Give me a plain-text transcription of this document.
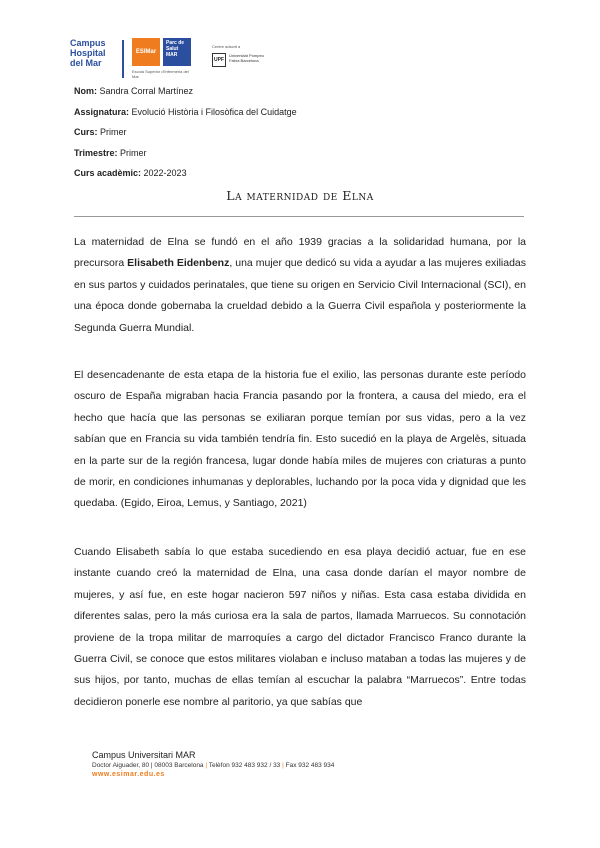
Campus
Hospital
del Mar
ESIMar
Parc de Salut MAR
Escola Superior d'Infermeria del Mar
Centre adscrit a
UPF
Universitat Pompeu Fabra Barcelona
Nom: Sandra Corral Martínez
Assignatura: Evolució Història i Filosòfica del Cuidatge
Curs: Primer
Trimestre: Primer
Curs acadèmic: 2022-2023
La maternidad de Elna
La maternidad de Elna se fundó en el año 1939 gracias a la solidaridad humana, por la precursora Elisabeth Eidenbenz, una mujer que dedicó su vida a ayudar a las mujeres exiliadas en sus partos y cuidados perinatales, que tiene su origen en Servicio Civil Internacional (SCI), en una época donde gobernaba la crueldad debido a la Guerra Civil española y posteriormente la Segunda Guerra Mundial.
El desencadenante de esta etapa de la historia fue el exilio, las personas durante este período oscuro de España migraban hacia Francia pasando por la frontera, a causa del miedo, era el hecho que hacía que las personas se exiliaran porque temían por sus vidas, pero a la vez sabían que en Francia su vida también tendría fin. Esto sucedió en la playa de Argelès, situada en la parte sur de la región francesa, lugar donde había miles de mujeres con criaturas a punto de morir, en condiciones inhumanas y deplorables, luchando por la poca vida y dignidad que les quedaba. (Egido, Eiroa, Lemus, y Santiago, 2021)
Cuando Elisabeth sabía lo que estaba sucediendo en esa playa decidió actuar, fue en ese instante cuando creó la maternidad de Elna, una casa donde darían el mayor nombre de mujeres, y así fue, en este hogar nacieron 597 niños y niñas. Esta casa estaba dividida en diferentes salas, pero la más curiosa era la sala de partos, llamada Marruecos. Su connotación proviene de la tropa militar de marroquíes a cargo del dictador Francisco Franco durante la Guerra Civil, se conoce que estos militares violaban e incluso mataban a todas las mujeres y de sus hijos, por tanto, muchas de ellas temían al escuchar la palabra “Marruecos”. Entre todas decidieron ponerle ese nombre al paritorio, ya que sabías que
Campus Universitari MAR
Doctor Aiguader, 80 | 08003 Barcelona | Telèfon 932 483 932 / 33 | Fax 932 483 934
www.esimar.edu.es
